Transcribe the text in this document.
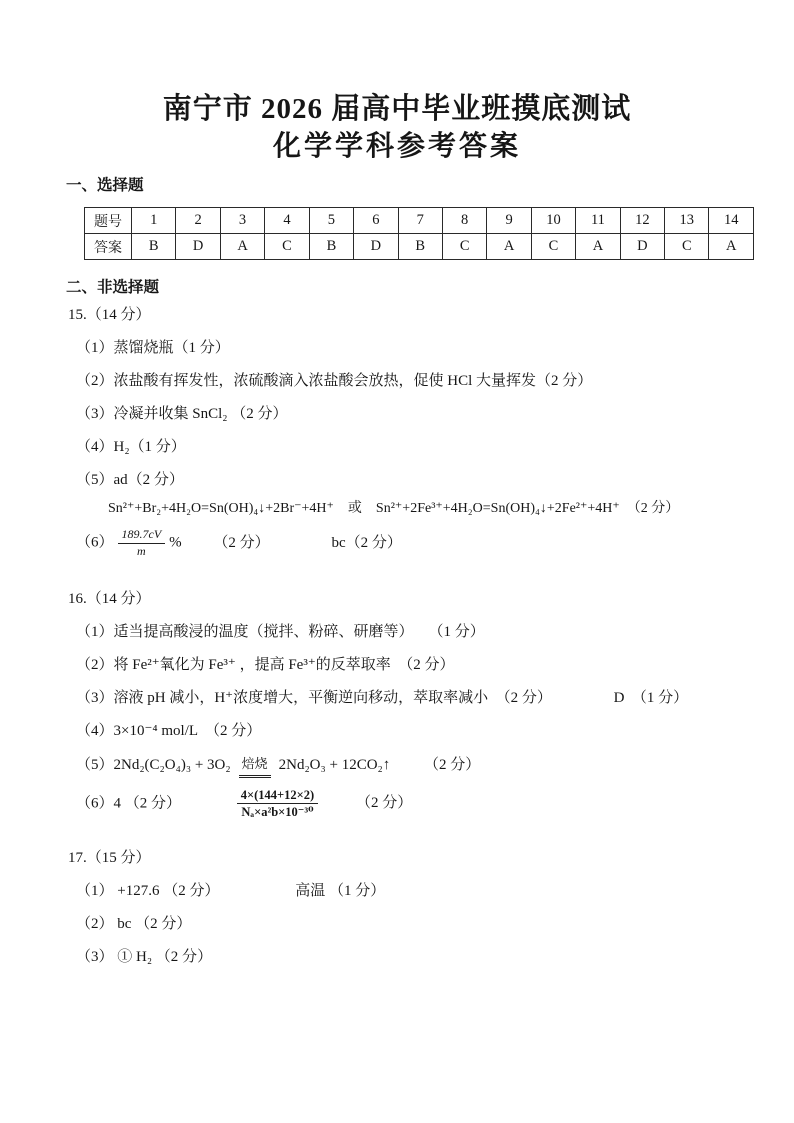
南宁市 2026 届高中毕业班摸底测试
化学学科参考答案
一、选择题
题号	1	2	3	4	5	6	7	8	9	10	11	12	13	14
答案	B	D	A	C	B	D	B	C	A	C	A	D	C	A
二、非选择题
15.（14 分）
（1）蒸馏烧瓶（1 分）
（2）浓盐酸有挥发性，浓硫酸滴入浓盐酸会放热，促使 HCl 大量挥发（2 分）
（3）冷凝并收集 SnCl₂ （2 分）
（4）H₂（1 分）
（5）ad（2 分）
Sn²⁺+Br₂+4H₂O=Sn(OH)₄↓+2Br⁻+4H⁺　或　Sn²⁺+2Fe³⁺+4H₂O=Sn(OH)₄↓+2Fe²⁺+4H⁺　（2 分）
$(6) \frac{189.7cV}{m}$ % （2 分）	bc（2 分）
16.（14 分）
（1）适当提高酸浸的温度（搅拌、粉碎、研磨等）　　（1 分）
（2）将 Fe²⁺氧化为 Fe³⁺ ，提高 Fe³⁺的反萃取率　（2 分）
（3）溶液 pH 减小，H⁺浓度增大，平衡逆向移动，萃取率减小　（2 分）	D　（1 分）
（4）3×10⁻⁴ mol/L　（2 分）
（5）2Nd₂(C₂O₄)₃ + 3O₂ 焙烧 2Nd₂O₃ + 12CO₂↑ （2 分）
（6）4 （2 分）	$\frac{4\times(144+12\times 2)}{\text{Nₐ×a²b×10⁻³⁰}}$	（2 分）
17.（15 分）
（1） +127.6 （2 分）	高温 （1 分）
（2） bc （2 分）
（3） ① H₂ （2 分）
